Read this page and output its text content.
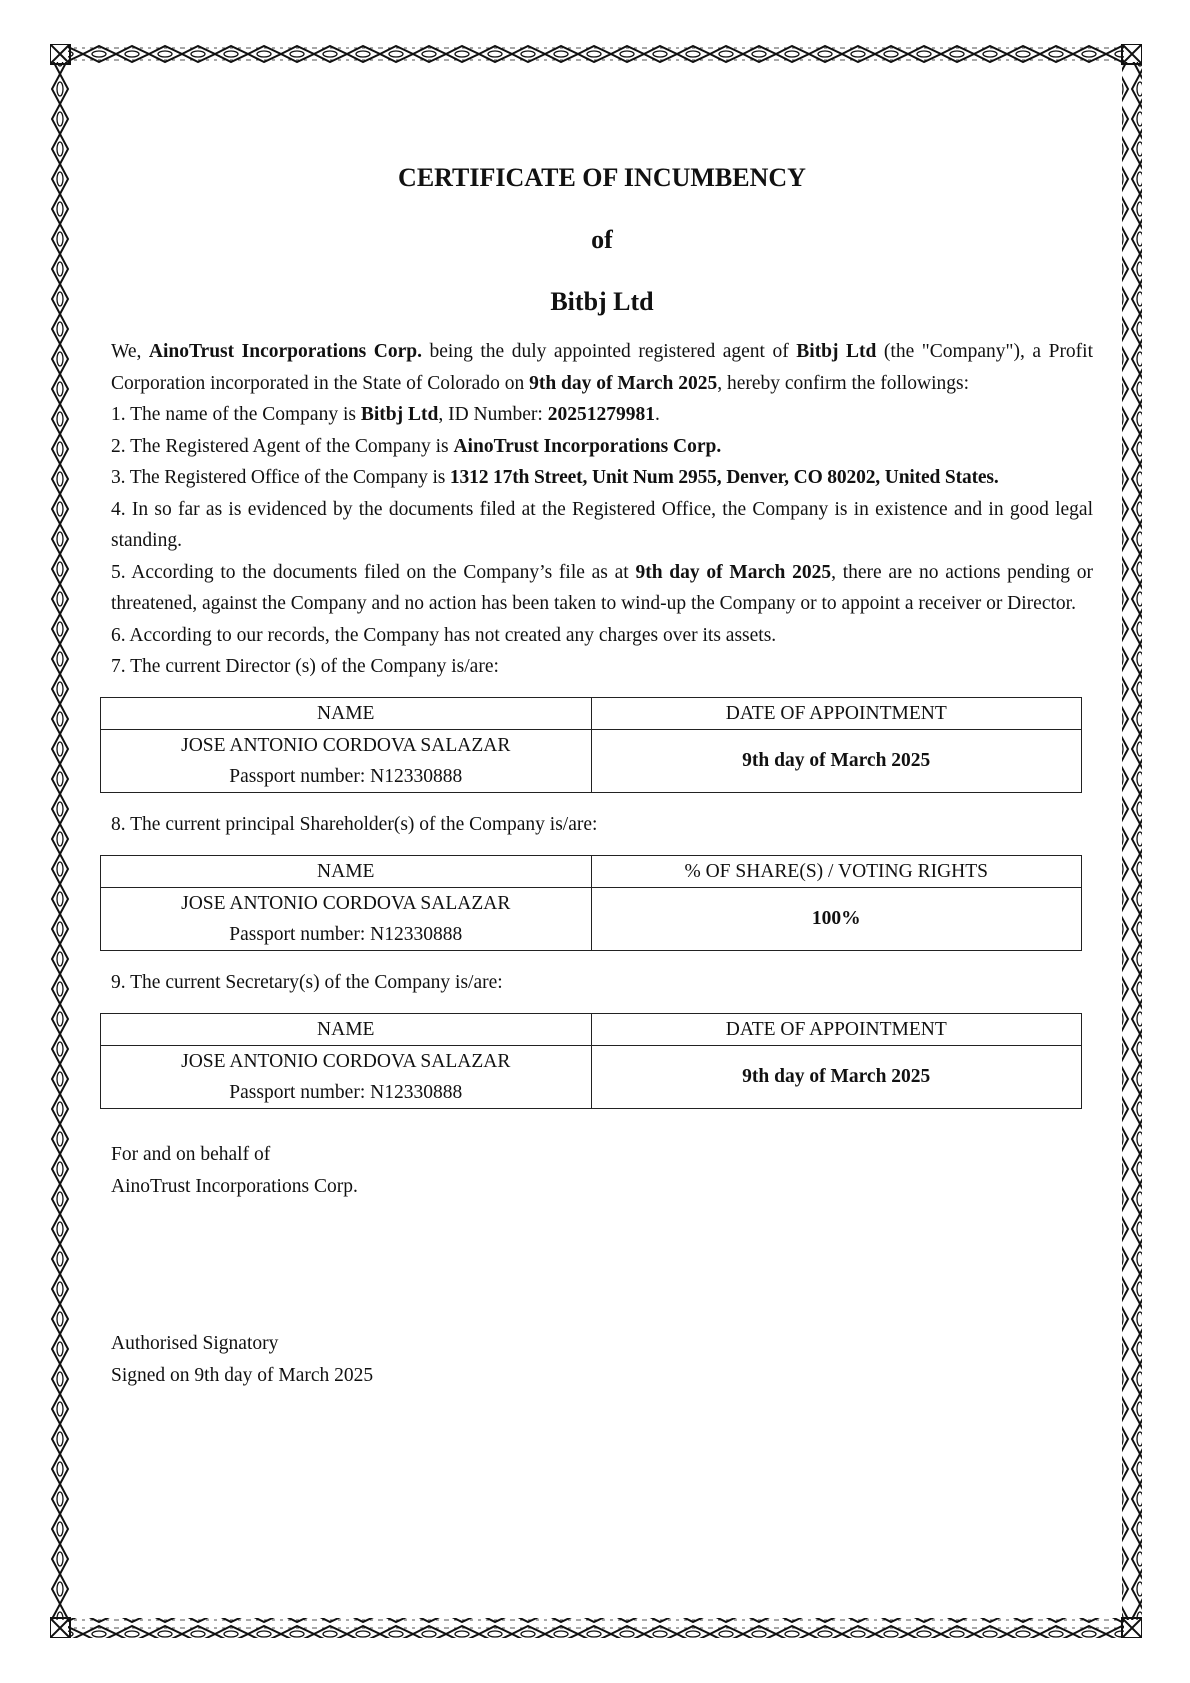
CERTIFICATE OF INCUMBENCY
of
Bitbj Ltd

We, AinoTrust Incorporations Corp. being the duly appointed registered agent of Bitbj Ltd (the "Company"), a Profit Corporation incorporated in the State of Colorado on 9th day of March 2025, hereby confirm the followings:

1. The name of the Company is Bitbj Ltd, ID Number: 20251279981.

2. The Registered Agent of the Company is AinoTrust Incorporations Corp.

3. The Registered Office of the Company is 1312 17th Street, Unit Num 2955, Denver, CO 80202, United States.

4. In so far as is evidenced by the documents filed at the Registered Office, the Company is in existence and in good legal standing.

5. According to the documents filed on the Company’s file as at 9th day of March 2025, there are no actions pending or threatened, against the Company and no action has been taken to wind-up the Company or to appoint a receiver or Director.

6. According to our records, the Company has not created any charges over its assets.

7. The current Director (s) of the Company is/are:

NAME	DATE OF APPOINTMENT

JOSE ANTONIO CORDOVA SALAZAR
Passport number: N12330888	9th day of March 2025

8. The current principal Shareholder(s) of the Company is/are:

NAME	% OF SHARE(S) / VOTING RIGHTS

JOSE ANTONIO CORDOVA SALAZAR
Passport number: N12330888	100%

9. The current Secretary(s) of the Company is/are:

NAME	DATE OF APPOINTMENT

JOSE ANTONIO CORDOVA SALAZAR
Passport number: N12330888	9th day of March 2025
For and on behalf of
AinoTrust Incorporations Corp.
Authorised Signatory
Signed on 9th day of March 2025
